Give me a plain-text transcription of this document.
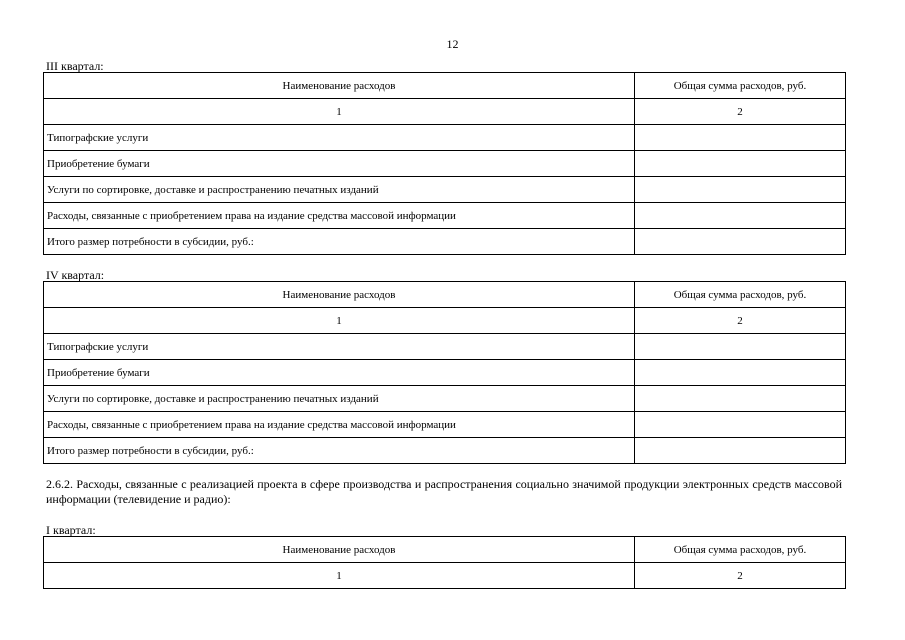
12
III квартал:
Наименование расходов	Общая сумма расходов, руб.
1	2
Типографские услуги	
Приобретение бумаги	
Услуги по сортировке, доставке и распространению печатных изданий	
Расходы, связанные с приобретением права на издание средства массовой информации	
Итого размер потребности в субсидии, руб.:	
IV квартал:
Наименование расходов	Общая сумма расходов, руб.
1	2
Типографские услуги	
Приобретение бумаги	
Услуги по сортировке, доставке и распространению печатных изданий	
Расходы, связанные с приобретением права на издание средства массовой информации	
Итого размер потребности в субсидии, руб.:	
2.6.2. Расходы, связанные с реализацией проекта в сфере производства и распространения социально значимой продукции электронных средств массовой информации (телевидение и радио):
I квартал:
Наименование расходов	Общая сумма расходов, руб.
1	2
